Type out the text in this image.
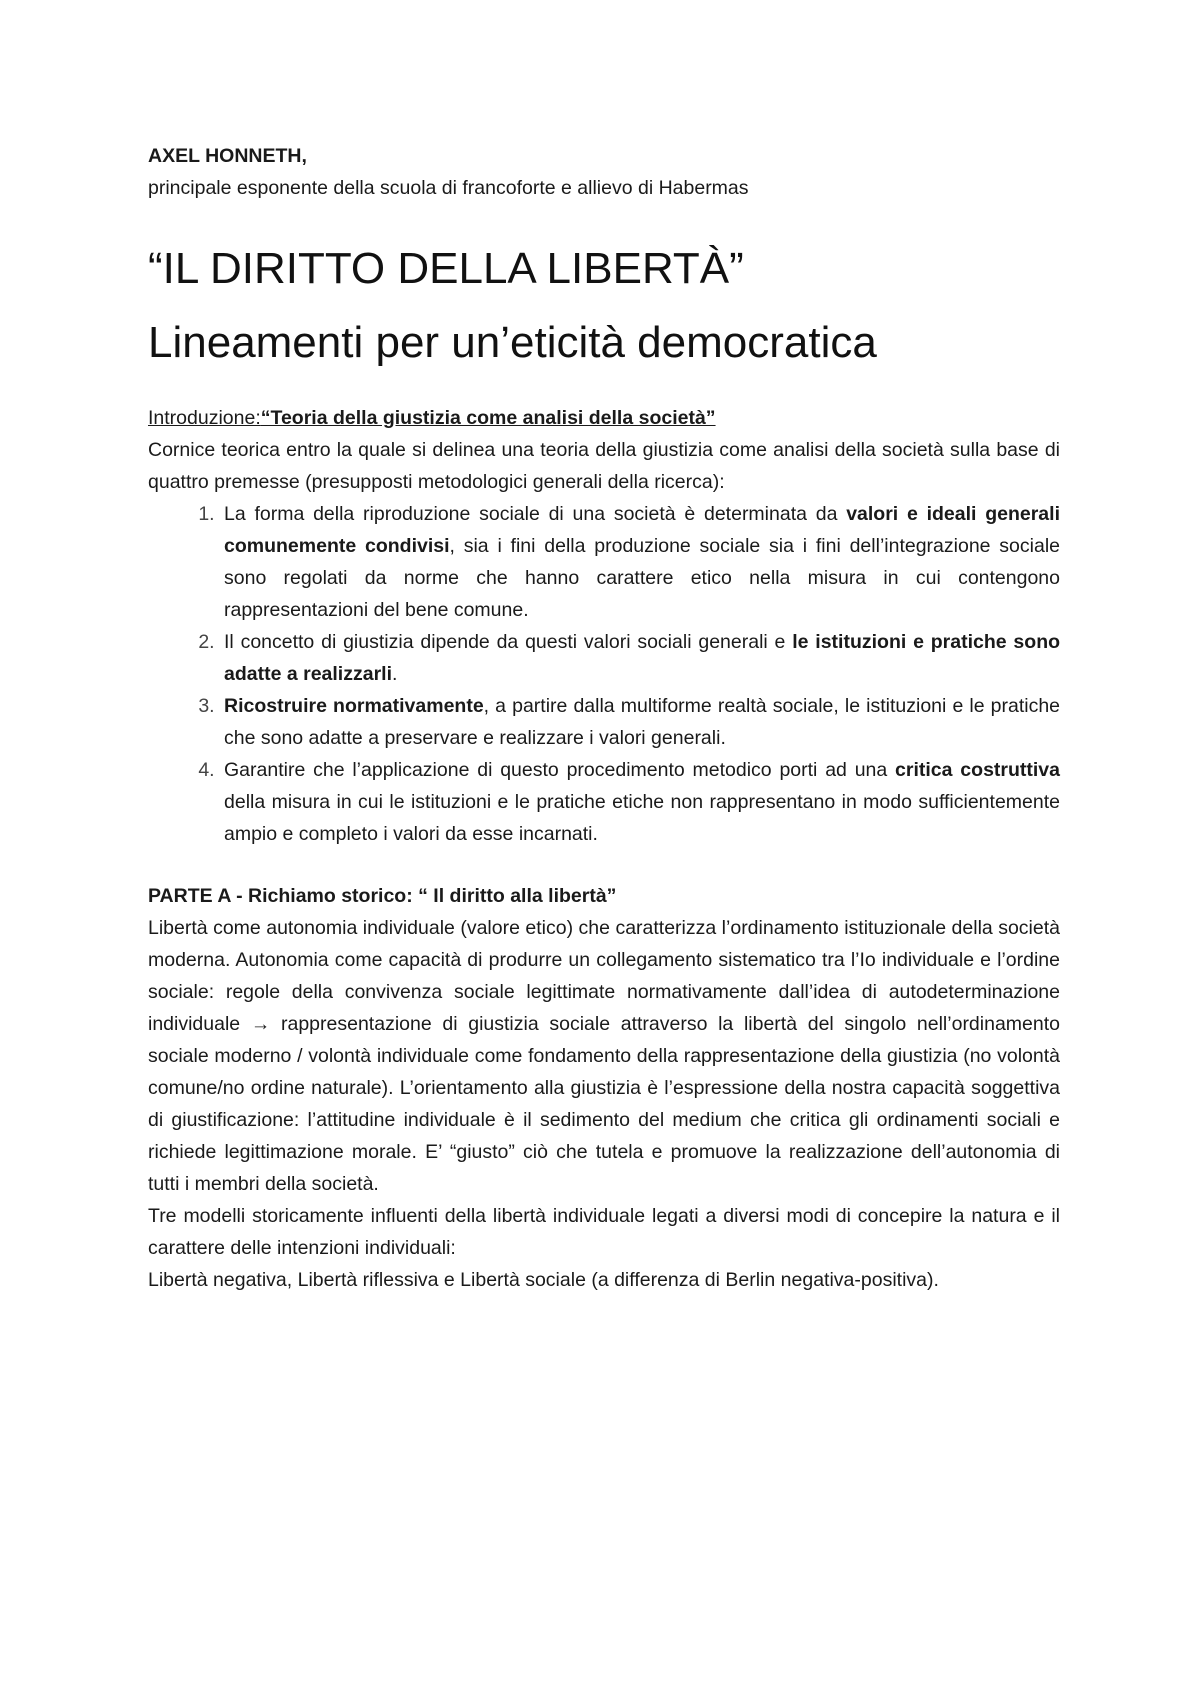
AXEL HONNETH,

principale esponente della scuola di francoforte e allievo di Habermas

“IL DIRITTO DELLA LIBERTÀ”
Lineamenti per un’eticità democratica
Introduzione:“Teoria della giustizia come analisi della società”

Cornice teorica entro la quale si delinea una teoria della giustizia come analisi della società sulla base di quattro premesse (presupposti metodologici generali della ricerca):

1. La forma della riproduzione sociale di una società è determinata da valori e ideali generali comunemente condivisi, sia i fini della produzione sociale sia i fini dell’integrazione sociale sono regolati da norme che hanno carattere etico nella misura in cui contengono rappresentazioni del bene comune.
2. Il concetto di giustizia dipende da questi valori sociali generali e le istituzioni e pratiche sono adatte a realizzarli.
3. Ricostruire normativamente, a partire dalla multiforme realtà sociale, le istituzioni e le pratiche che sono adatte a preservare e realizzare i valori generali.
4. Garantire che l’applicazione di questo procedimento metodico porti ad una critica costruttiva della misura in cui le istituzioni e le pratiche etiche non rappresentano in modo sufficientemente ampio e completo i valori da esse incarnati.

PARTE A - Richiamo storico: “ Il diritto alla libertà”

Libertà come autonomia individuale (valore etico) che caratterizza l’ordinamento istituzionale della società moderna. Autonomia come capacità di produrre un collegamento sistematico tra l’Io individuale e l’ordine sociale: regole della convivenza sociale legittimate normativamente dall’idea di autodeterminazione individuale → rappresentazione di giustizia sociale attraverso la libertà del singolo nell’ordinamento sociale moderno / volontà individuale come fondamento della rappresentazione della giustizia (no volontà comune/no ordine naturale). L’orientamento alla giustizia è l’espressione della nostra capacità soggettiva di giustificazione: l’attitudine individuale è il sedimento del medium che critica gli ordinamenti sociali e richiede legittimazione morale. E’ “giusto” ciò che tutela e promuove la realizzazione dell’autonomia di tutti i membri della società.

Tre modelli storicamente influenti della libertà individuale legati a diversi modi di concepire la natura e il carattere delle intenzioni individuali:

Libertà negativa, Libertà riflessiva e Libertà sociale (a differenza di Berlin negativa-positiva).
